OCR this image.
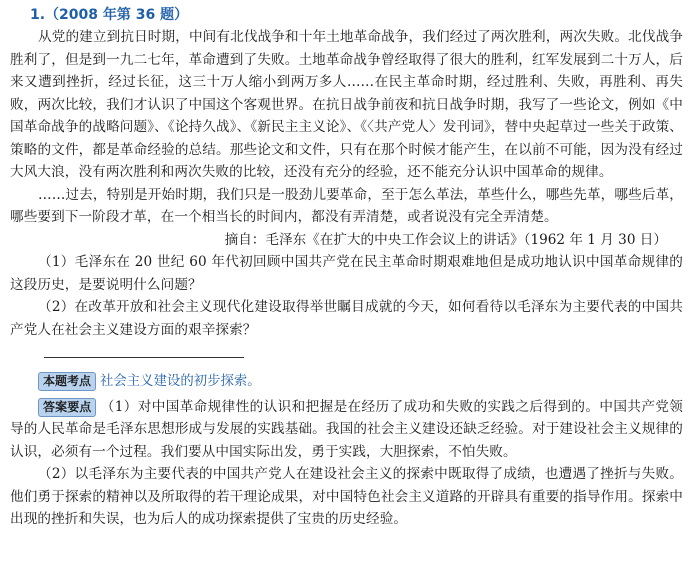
1.（2008 年第 36 题）

从党的建立到抗日时期，中间有北伐战争和十年土地革命战争，我们经过了两次胜利，两次失败。北伐战争胜利了，但是到一九二七年，革命遭到了失败。土地革命战争曾经取得了很大的胜利，红军发展到二十万人，后来又遭到挫折，经过长征，这三十万人缩小到两万多人……在民主革命时期，经过胜利、失败，再胜利、再失败，两次比较，我们才认识了中国这个客观世界。在抗日战争前夜和抗日战争时期，我写了一些论文，例如《中国革命战争的战略问题》、《论持久战》、《新民主主义论》、《〈共产党人〉发刊词》，替中央起草过一些关于政策、策略的文件，都是革命经验的总结。那些论文和文件，只有在那个时候才能产生，在以前不可能，因为没有经过大风大浪，没有两次胜利和两次失败的比较，还没有充分的经验，还不能充分认识中国革命的规律。

……过去，特别是开始时期，我们只是一股劲儿要革命，至于怎么革法，革些什么，哪些先革，哪些后革，哪些要到下一阶段才革，在一个相当长的时间内，都没有弄清楚，或者说没有完全弄清楚。

摘自：毛泽东《在扩大的中央工作会议上的讲话》（1962 年 1 月 30 日）

（1）毛泽东在 20 世纪 60 年代初回顾中国共产党在民主革命时期艰难地但是成功地认识中国革命规律的这段历史，是要说明什么问题？

（2）在改革开放和社会主义现代化建设取得举世瞩目成就的今天，如何看待以毛泽东为主要代表的中国共产党人在社会主义建设方面的艰辛探索？

本题考点 社会主义建设的初步探索。

答案要点 （1）对中国革命规律性的认识和把握是在经历了成功和失败的实践之后得到的。中国共产党领导的人民革命是毛泽东思想形成与发展的实践基础。我国的社会主义建设还缺乏经验。对于建设社会主义规律的认识，必须有一个过程。我们要从中国实际出发，勇于实践，大胆探索，不怕失败。

（2）以毛泽东为主要代表的中国共产党人在建设社会主义的探索中既取得了成绩，也遭遇了挫折与失败。他们勇于探索的精神以及所取得的若干理论成果，对中国特色社会主义道路的开辟具有重要的指导作用。探索中出现的挫折和失误，也为后人的成功探索提供了宝贵的历史经验。
